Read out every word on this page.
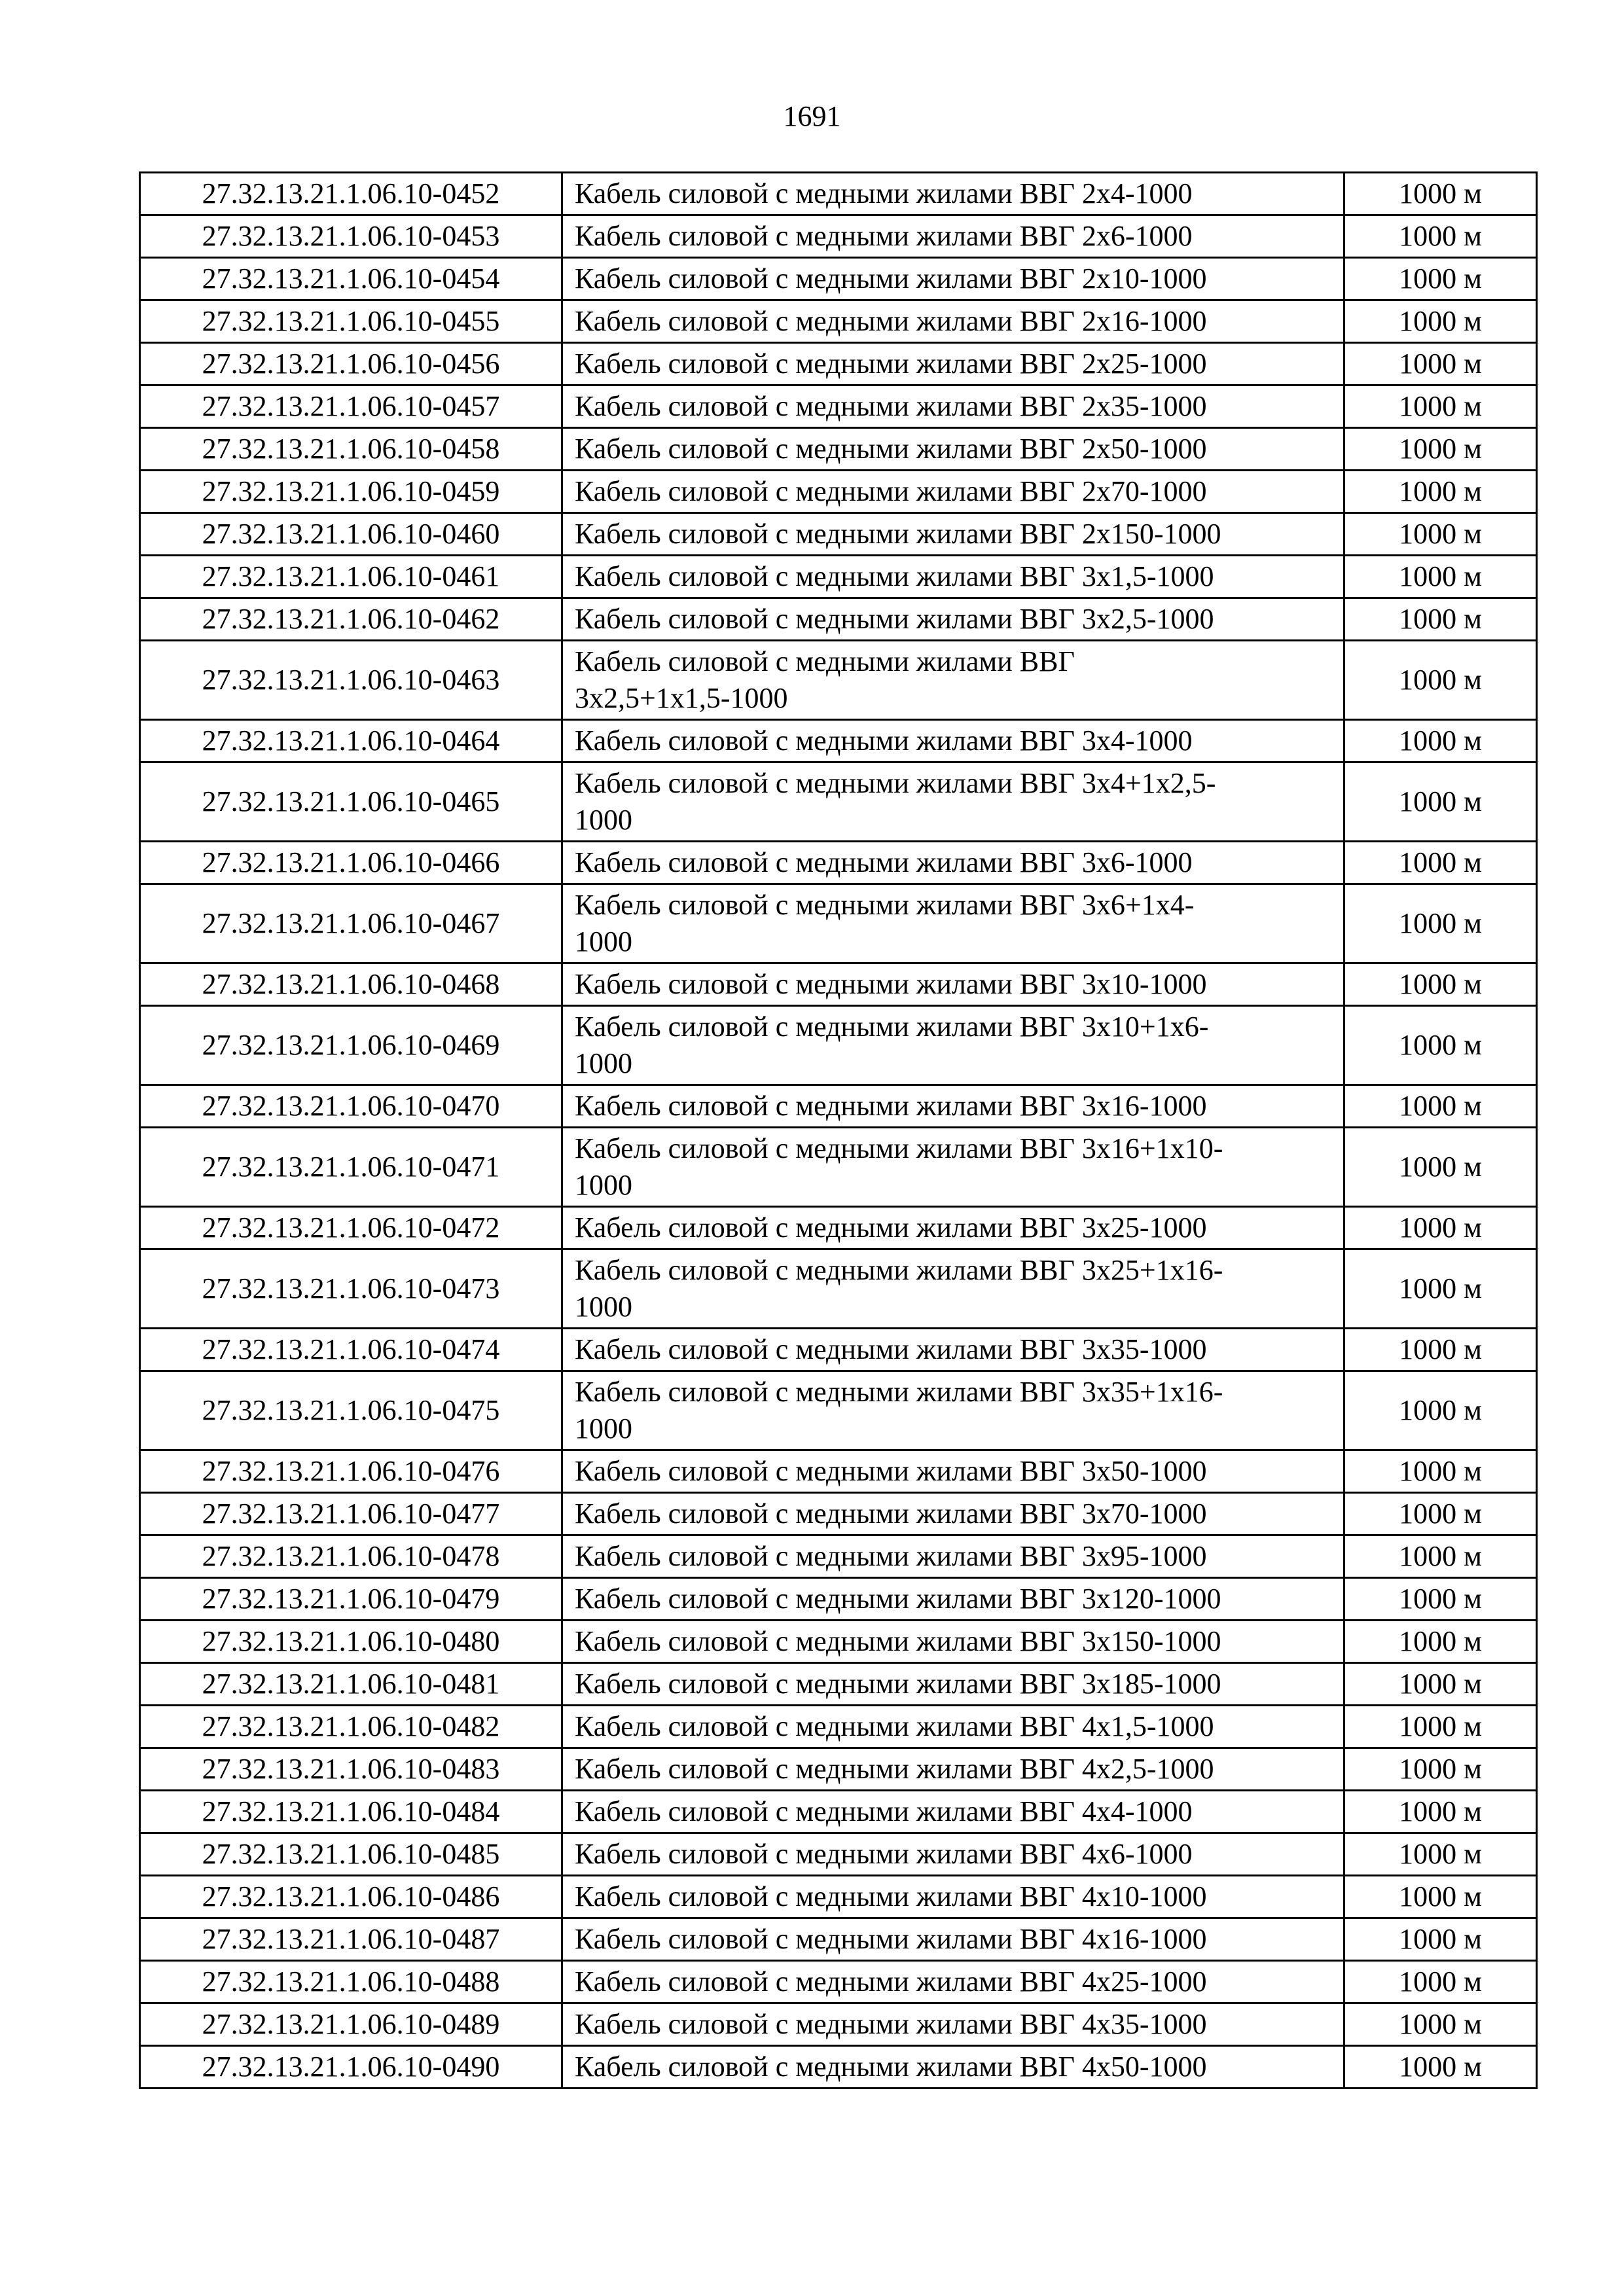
1691
27.32.13.21.1.06.10-0452	Кабель силовой с медными жилами ВВГ 2х4-1000	1000 м
27.32.13.21.1.06.10-0453	Кабель силовой с медными жилами ВВГ 2х6-1000	1000 м
27.32.13.21.1.06.10-0454	Кабель силовой с медными жилами ВВГ 2х10-1000	1000 м
27.32.13.21.1.06.10-0455	Кабель силовой с медными жилами ВВГ 2х16-1000	1000 м
27.32.13.21.1.06.10-0456	Кабель силовой с медными жилами ВВГ 2х25-1000	1000 м
27.32.13.21.1.06.10-0457	Кабель силовой с медными жилами ВВГ 2х35-1000	1000 м
27.32.13.21.1.06.10-0458	Кабель силовой с медными жилами ВВГ 2х50-1000	1000 м
27.32.13.21.1.06.10-0459	Кабель силовой с медными жилами ВВГ 2х70-1000	1000 м
27.32.13.21.1.06.10-0460	Кабель силовой с медными жилами ВВГ 2х150-1000	1000 м
27.32.13.21.1.06.10-0461	Кабель силовой с медными жилами ВВГ 3х1,5-1000	1000 м
27.32.13.21.1.06.10-0462	Кабель силовой с медными жилами ВВГ 3х2,5-1000	1000 м
27.32.13.21.1.06.10-0463	Кабель силовой с медными жилами ВВГ
3х2,5+1х1,5-1000	1000 м
27.32.13.21.1.06.10-0464	Кабель силовой с медными жилами ВВГ 3х4-1000	1000 м
27.32.13.21.1.06.10-0465	Кабель силовой с медными жилами ВВГ 3х4+1х2,5-
1000	1000 м
27.32.13.21.1.06.10-0466	Кабель силовой с медными жилами ВВГ 3х6-1000	1000 м
27.32.13.21.1.06.10-0467	Кабель силовой с медными жилами ВВГ 3х6+1х4-
1000	1000 м
27.32.13.21.1.06.10-0468	Кабель силовой с медными жилами ВВГ 3х10-1000	1000 м
27.32.13.21.1.06.10-0469	Кабель силовой с медными жилами ВВГ 3х10+1х6-
1000	1000 м
27.32.13.21.1.06.10-0470	Кабель силовой с медными жилами ВВГ 3х16-1000	1000 м
27.32.13.21.1.06.10-0471	Кабель силовой с медными жилами ВВГ 3х16+1х10-
1000	1000 м
27.32.13.21.1.06.10-0472	Кабель силовой с медными жилами ВВГ 3х25-1000	1000 м
27.32.13.21.1.06.10-0473	Кабель силовой с медными жилами ВВГ 3х25+1х16-
1000	1000 м
27.32.13.21.1.06.10-0474	Кабель силовой с медными жилами ВВГ 3х35-1000	1000 м
27.32.13.21.1.06.10-0475	Кабель силовой с медными жилами ВВГ 3х35+1х16-
1000	1000 м
27.32.13.21.1.06.10-0476	Кабель силовой с медными жилами ВВГ 3х50-1000	1000 м
27.32.13.21.1.06.10-0477	Кабель силовой с медными жилами ВВГ 3х70-1000	1000 м
27.32.13.21.1.06.10-0478	Кабель силовой с медными жилами ВВГ 3х95-1000	1000 м
27.32.13.21.1.06.10-0479	Кабель силовой с медными жилами ВВГ 3х120-1000	1000 м
27.32.13.21.1.06.10-0480	Кабель силовой с медными жилами ВВГ 3х150-1000	1000 м
27.32.13.21.1.06.10-0481	Кабель силовой с медными жилами ВВГ 3х185-1000	1000 м
27.32.13.21.1.06.10-0482	Кабель силовой с медными жилами ВВГ 4х1,5-1000	1000 м
27.32.13.21.1.06.10-0483	Кабель силовой с медными жилами ВВГ 4х2,5-1000	1000 м
27.32.13.21.1.06.10-0484	Кабель силовой с медными жилами ВВГ 4х4-1000	1000 м
27.32.13.21.1.06.10-0485	Кабель силовой с медными жилами ВВГ 4х6-1000	1000 м
27.32.13.21.1.06.10-0486	Кабель силовой с медными жилами ВВГ 4х10-1000	1000 м
27.32.13.21.1.06.10-0487	Кабель силовой с медными жилами ВВГ 4х16-1000	1000 м
27.32.13.21.1.06.10-0488	Кабель силовой с медными жилами ВВГ 4х25-1000	1000 м
27.32.13.21.1.06.10-0489	Кабель силовой с медными жилами ВВГ 4х35-1000	1000 м
27.32.13.21.1.06.10-0490	Кабель силовой с медными жилами ВВГ 4х50-1000	1000 м
